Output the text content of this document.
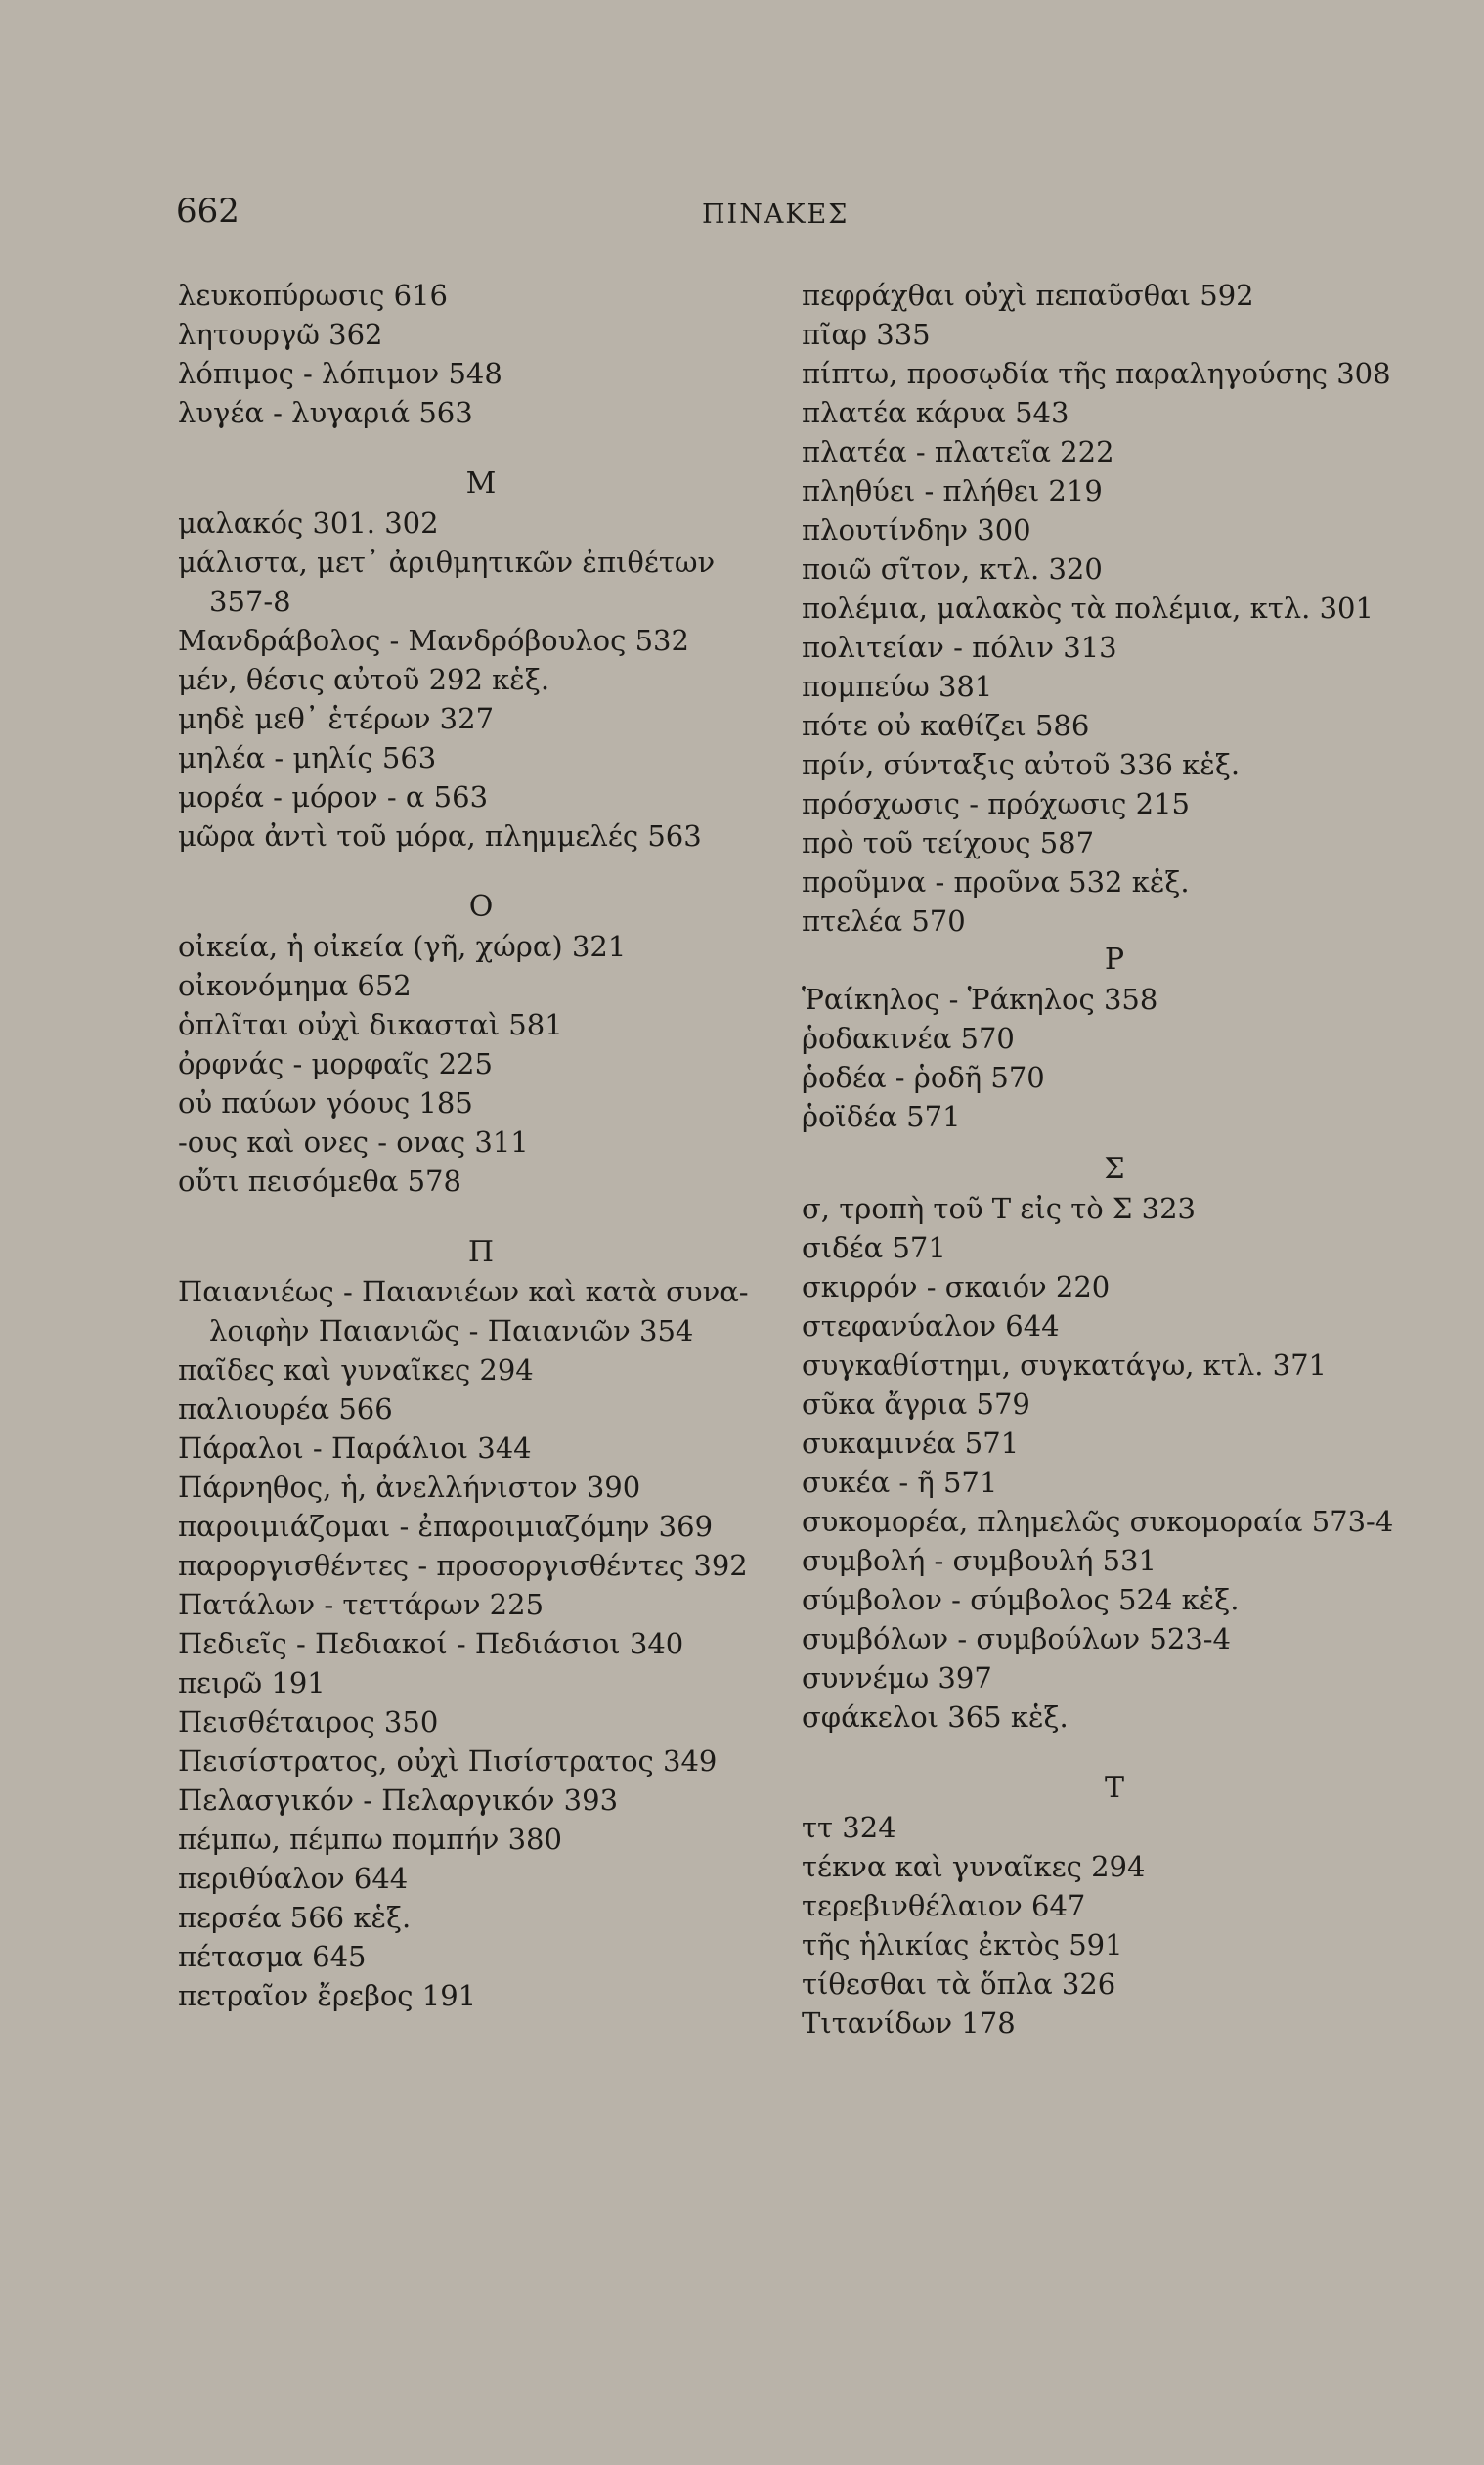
662	ΠΙΝΑΚΕΣ
λευκοπύρωσις 616
λητουργῶ 362
λόπιμος - λόπιμον 548
λυγέα - λυγαριά 563
M
μαλακός 301. 302
μάλιστα, μετ᾽ ἀριθμητικῶν ἐπιθέτων
357-8
Μανδράβολος - Μανδρόβουλος 532
μέν, θέσις αὐτοῦ 292 κἑξ.
μηδὲ μεθ᾽ ἑτέρων 327
μηλέα - μηλίς 563
μορέα - μόρον - α 563
μῶρα ἀντὶ τοῦ μόρα, πλημμελές 563
O
οἰκεία, ἡ οἰκεία (γῆ, χώρα) 321
οἰκονόμημα 652
ὁπλῖται οὐχὶ δικασταὶ 581
ὀρφνάς - μορφαῖς 225
οὐ παύων γόους 185
-ους καὶ ονες - ονας 311
οὔτι πεισόμεθα 578
Π
Παιανιέως - Παιανιέων καὶ κατὰ συνα-
λοιφὴν Παιανιῶς - Παιανιῶν 354
παῖδες καὶ γυναῖκες 294
παλιουρέα 566
Πάραλοι - Παράλιοι 344
Πάρνηθος, ἡ, ἀνελλήνιστον 390
παροιμιάζομαι - ἐπαροιμιαζόμην 369
παροργισθέντες - προσοργισθέντες 392
Πατάλων - τεττάρων 225
Πεδιεῖς - Πεδιακοί - Πεδιάσιοι 340
πειρῶ 191
Πεισθέταιρος 350
Πεισίστρατος, οὐχὶ Πισίστρατος 349
Πελασγικόν - Πελαργικόν 393
πέμπω, πέμπω πομπήν 380
περιθύαλον 644
περσέα 566 κἑξ.
πέτασμα 645
πετραῖον ἔρεβος 191
πεφράχθαι οὐχὶ πεπαῦσθαι 592
πῖαρ 335
πίπτω, προσῳδία τῆς παραληγούσης 308
πλατέα κάρυα 543
πλατέα - πλατεῖα 222
πληθύει - πλήθει 219
πλουτίνδην 300
ποιῶ σῖτον, κτλ. 320
πολέμια, μαλακὸς τὰ πολέμια, κτλ. 301
πολιτείαν - πόλιν 313
πομπεύω 381
πότε οὐ καθίζει 586
πρίν, σύνταξις αὐτοῦ 336 κἑξ.
πρόσχωσις - πρόχωσις 215
πρὸ τοῦ τείχους 587
προῦμνα - προῦνα 532 κἑξ.
πτελέα 570
P
Ῥαίκηλος - Ῥάκηλος 358
ῥοδακινέα 570
ῥοδέα - ῥοδῆ 570
ῥοϊδέα 571
Σ
σ, τροπὴ τοῦ Τ εἰς τὸ Σ 323
σιδέα 571
σκιρρόν - σκαιόν 220
στεφανύαλον 644
συγκαθίστημι, συγκατάγω, κτλ. 371
σῦκα ἄγρια 579
συκαμινέα 571
συκέα - ῆ 571
συκομορέα, πλημελῶς συκομοραία 573-4
συμβολή - συμβουλή 531
σύμβολον - σύμβολος 524 κἑξ.
συμβόλων - συμβούλων 523-4
συννέμω 397
σφάκελοι 365 κἑξ.
T
ττ 324
τέκνα καὶ γυναῖκες 294
τερεβινθέλαιον 647
τῆς ἡλικίας ἐκτὸς 591
τίθεσθαι τὰ ὅπλα 326
Τιτανίδων 178
